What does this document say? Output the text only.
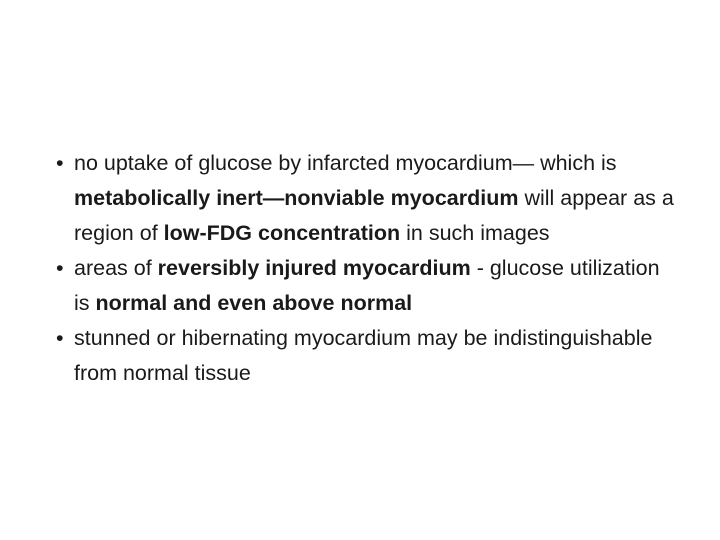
• no uptake of glucose by infarcted myocardium— which is metabolically inert—nonviable myocardium will appear as a region of low-FDG concentration in such images
• areas of reversibly injured myocardium - glucose utilization is normal and even above normal
• stunned or hibernating myocardium may be indistinguishable from normal tissue
